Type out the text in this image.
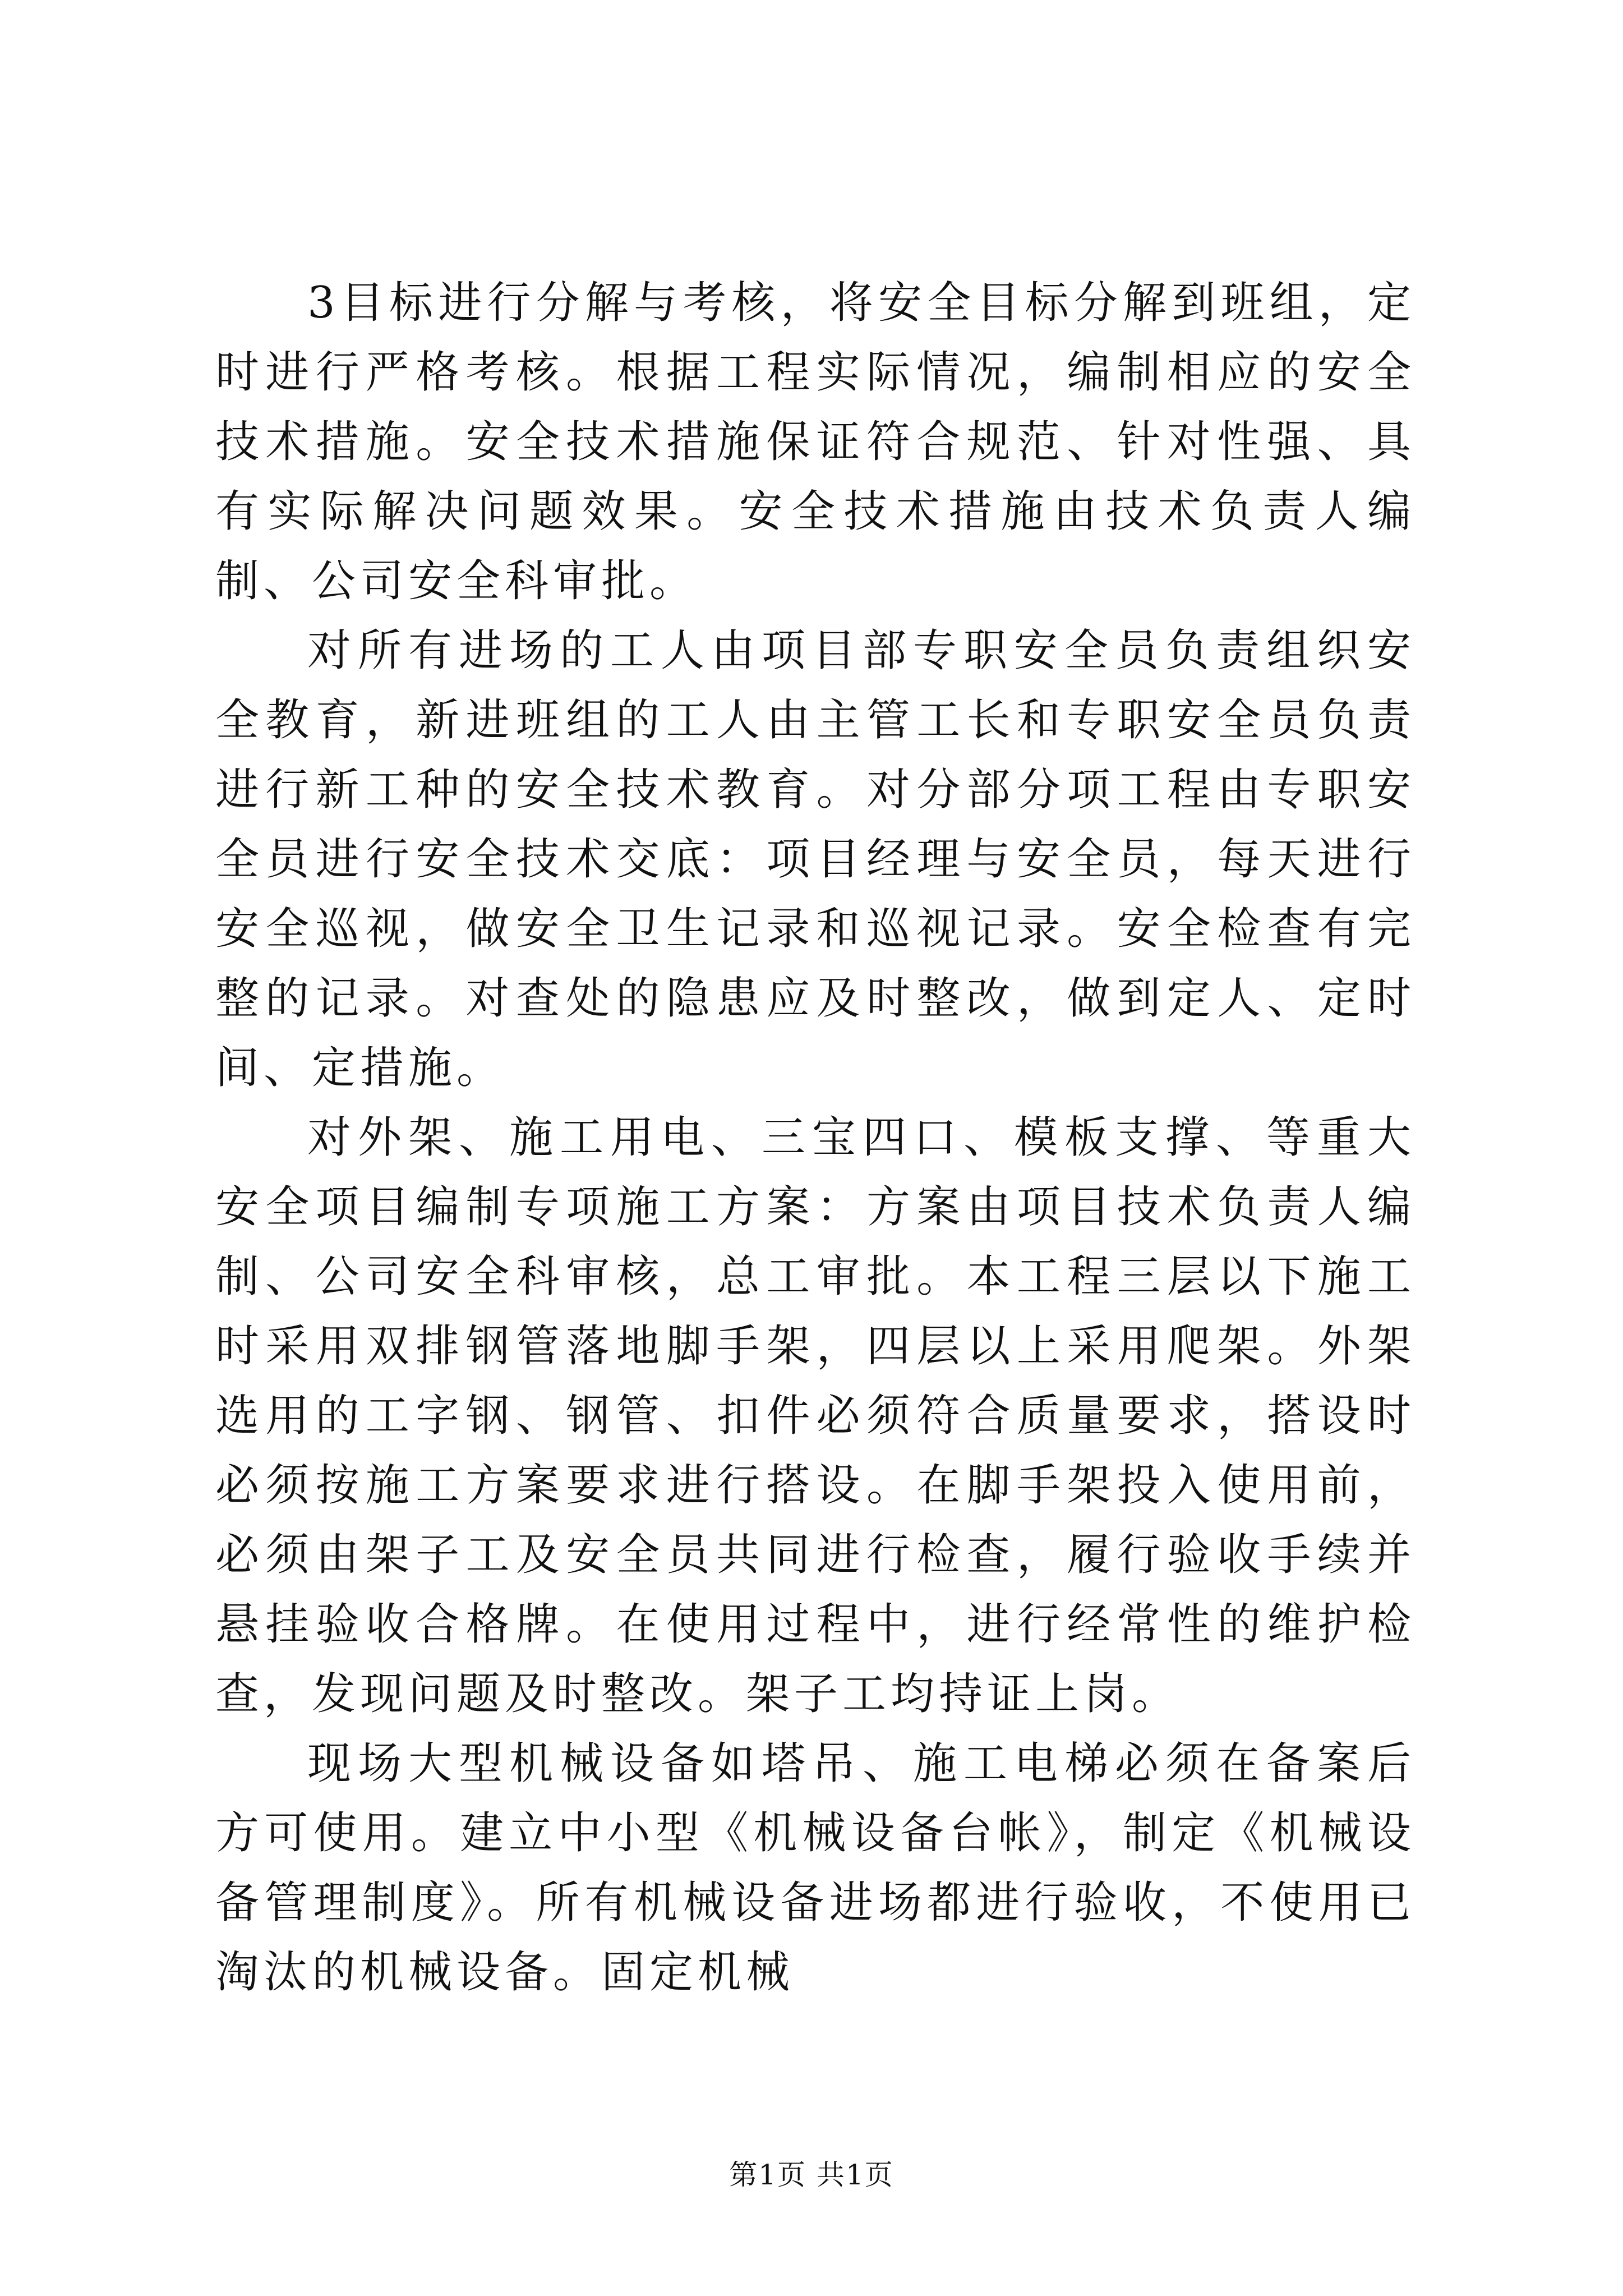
3目标进行分解与考核，将安全目标分解到班组，定时进行严格考核。根据工程实际情况，编制相应的安全技术措施。安全技术措施保证符合规范、针对性强、具有实际解决问题效果。安全技术措施由技术负责人编制、公司安全科审批。

对所有进场的工人由项目部专职安全员负责组织安全教育，新进班组的工人由主管工长和专职安全员负责进行新工种的安全技术教育。对分部分项工程由专职安全员进行安全技术交底：项目经理与安全员，每天进行安全巡视，做安全卫生记录和巡视记录。安全检查有完整的记录。对查处的隐患应及时整改，做到定人、定时间、定措施。

对外架、施工用电、三宝四口、模板支撑、等重大安全项目编制专项施工方案：方案由项目技术负责人编制、公司安全科审核，总工审批。本工程三层以下施工时采用双排钢管落地脚手架，四层以上采用爬架。外架选用的工字钢、钢管、扣件必须符合质量要求，搭设时必须按施工方案要求进行搭设。在脚手架投入使用前，必须由架子工及安全员共同进行检查，履行验收手续并悬挂验收合格牌。在使用过程中，进行经常性的维护检查，发现问题及时整改。架子工均持证上岗。

现场大型机械设备如塔吊、施工电梯必须在备案后方可使用。建立中小型《机械设备台帐》，制定《机械设备管理制度》。所有机械设备进场都进行验收，不使用已淘汰的机械设备。固定机械

第1页 共1页
